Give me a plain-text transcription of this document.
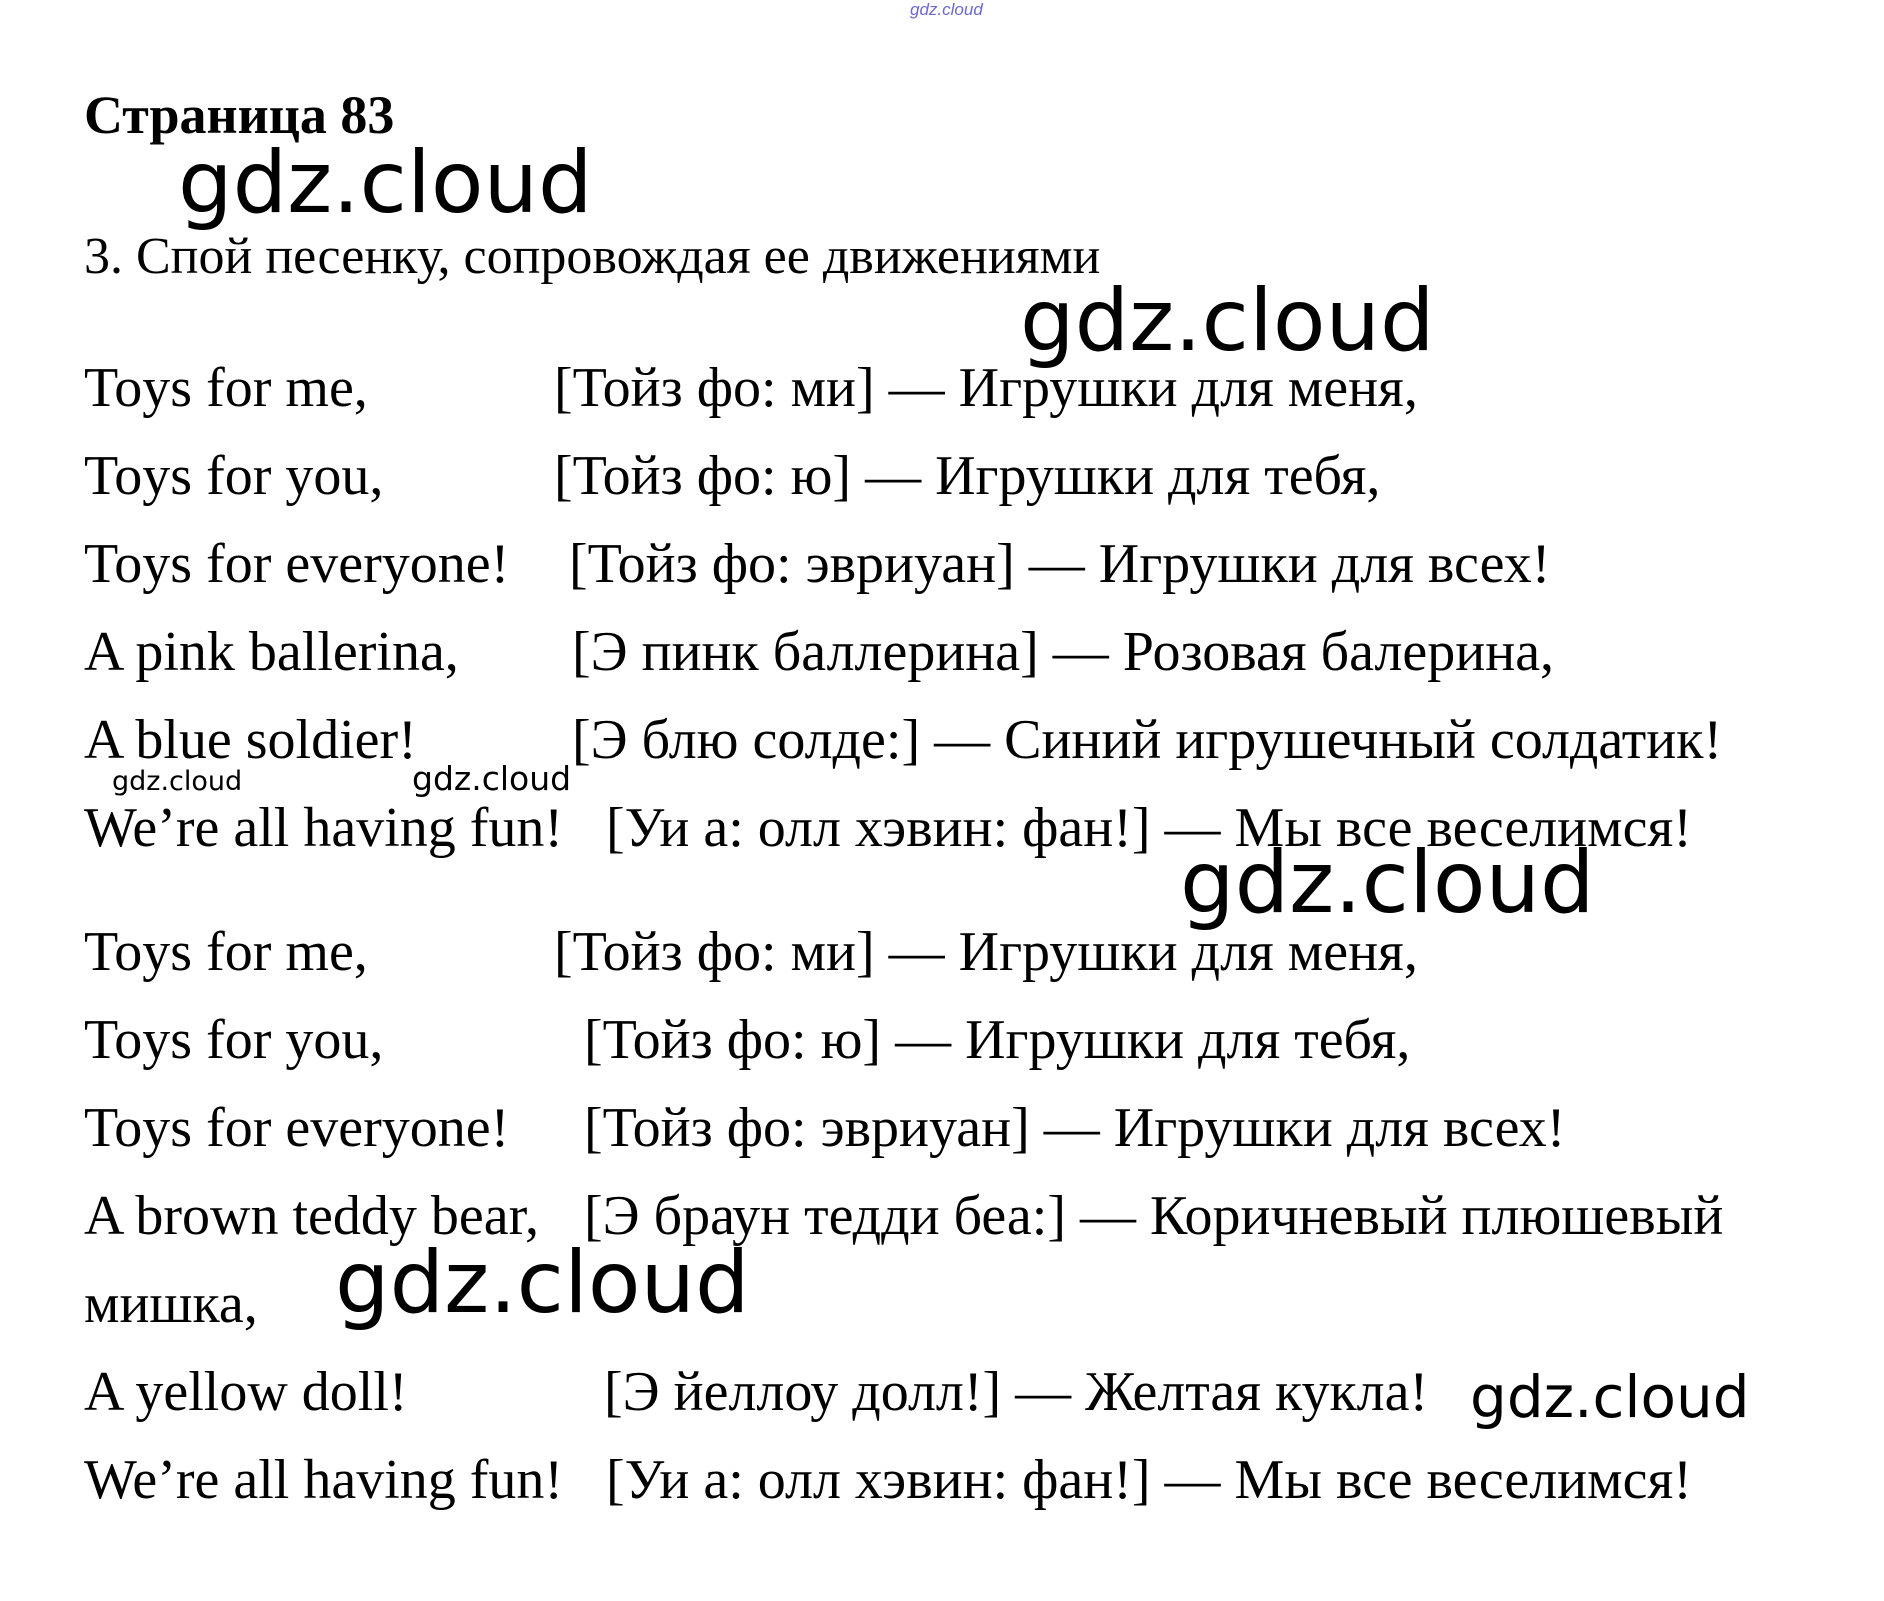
gdz.cloud
Страница 83
3. Спой песенку, сопровождая ее движениями
Toys for me,	[Тойз фо: ми] — Игрушки для меня,
Toys for you,	[Тойз фо: ю] — Игрушки для тебя,
Toys for everyone! [Тойз фо: эвриуан] — Игрушки для всех!
A pink ballerina, [Э пинк баллерина] — Розовая балерина,
A blue soldier!	[Э блю солде:] — Синий игрушечный солдатик!
We’re all having fun! [Уи а: олл хэвин: фан!] — Мы все веселимся!
Toys for me,	[Тойз фо: ми] — Игрушки для меня,
Toys for you,	[Тойз фо: ю] — Игрушки для тебя,
Toys for everyone! [Тойз фо: эвриуан] — Игрушки для всех!
A brown teddy bear, [Э браун тедди беа:] — Коричневый плюшевый
мишка,
A yellow doll!	[Э йеллоу долл!] — Желтая кукла!
We’re all having fun! [Уи а: олл хэвин: фан!] — Мы все веселимся!
gdz.cloud
gdz.cloud
gdz.cloud	gdz.cloud
gdz.cloud
gdz.cloud
gdz.cloud
